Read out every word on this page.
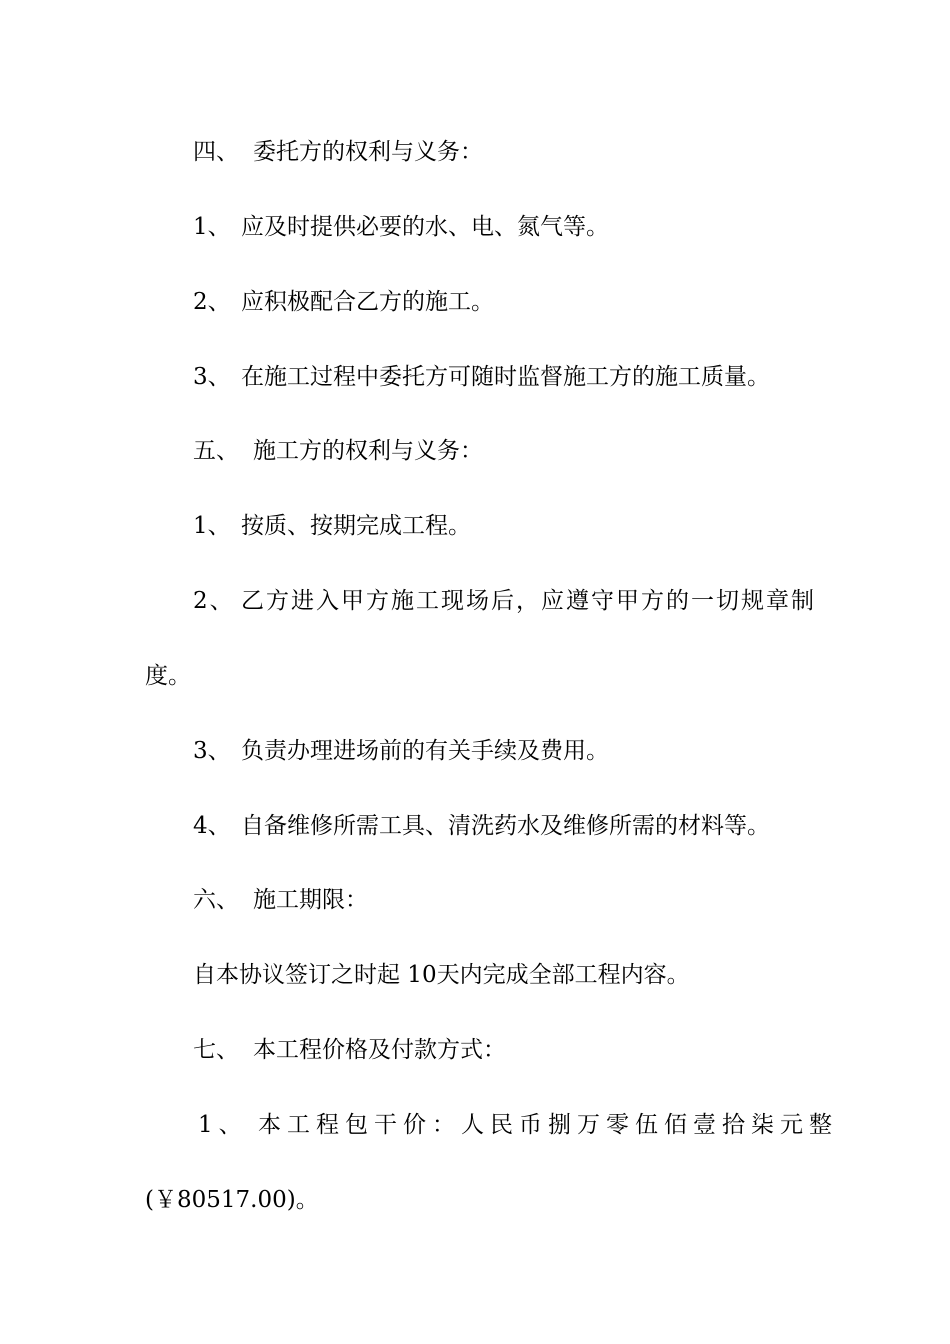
四、 委托方的权利与义务：
1、 应及时提供必要的水、电、氮气等。
2、 应积极配合乙方的施工。
3、 在施工过程中委托方可随时监督施工方的施工质量。
五、 施工方的权利与义务：
1、 按质、按期完成工程。
2、 乙方进入甲方施工现场后，应遵守甲方的一切规章制
度。
3、 负责办理进场前的有关手续及费用。
4、 自备维修所需工具、清洗药水及维修所需的材料等。
六、 施工期限：
自本协议签订之时起 10天内完成全部工程内容。
七、 本工程价格及付款方式：
1、 本工程包干价：人民币捌万零伍佰壹拾柒元整
(￥80517.00)。
